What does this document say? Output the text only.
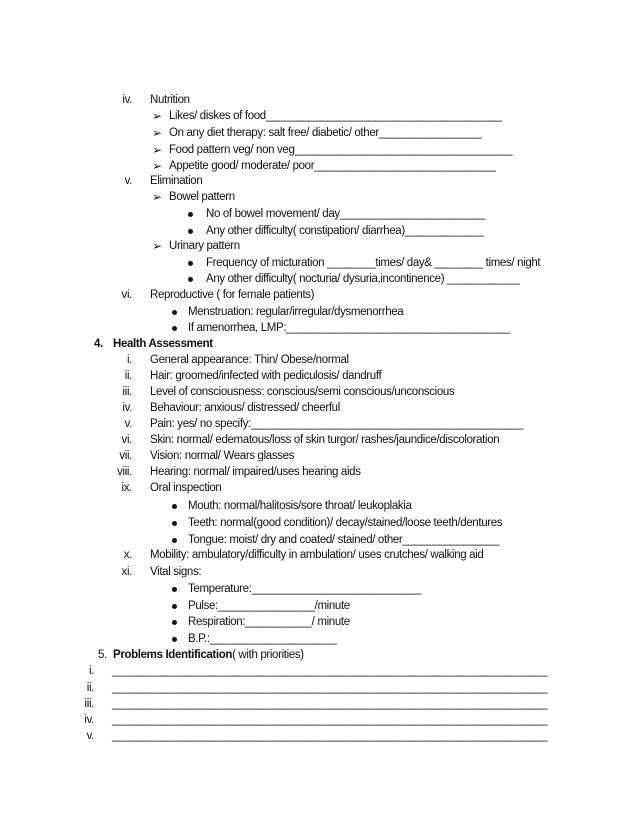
iv. Nutrition
➢ Likes/ diskes of food_______________________________________
➢ On any diet therapy: salt free/ diabetic/ other_________________
➢ Food pattern veg/ non veg____________________________________
➢ Appetite good/ moderate/ poor______________________________
v. Elimination
➢ Bowel pattern
No of bowel movement/ day________________________
Any other difficulty( constipation/ diarrhea)_____________
➢ Urinary pattern
Frequency of micturation ________times/ day& ________ times/ night
Any other difficulty( nocturia/ dysuria,incontinence) ____________
vi. Reproductive ( for female patients)
Menstruation: regular/irregular/dysmenorrhea
If amenorrhea, LMP:_____________________________________
4. Health Assessment
i. General appearance: Thin/ Obese/normal
ii. Hair: groomed/infected with pediculosis/ dandruff
iii. Level of consciousness: conscious/semi conscious/unconscious
iv. Behaviour: anxious/ distressed/ cheerful
v. Pain: yes/ no specify:_____________________________________________
vi. Skin: normal/ edematous/loss of skin turgor/ rashes/jaundice/discoloration
vii. Vision: normal/ Wears glasses
viii. Hearing: normal/ impaired/uses hearing aids
ix. Oral inspection
Mouth: normal/halitosis/sore throat/ leukoplakia
Teeth: normal(good condition)/ decay/stained/loose teeth/dentures
Tongue: moist/ dry and coated/ stained/ other________________
x. Mobility: ambulatory/difficulty in ambulation/ uses crutches/ walking aid
xi. Vital signs:
Temperature:____________________________
Pulse:________________/minute
Respiration:___________/ minute
B.P.:_____________________
5. Problems Identification( with priorities)
i. ________________________________________________________________________
ii. ________________________________________________________________________
iii. ________________________________________________________________________
iv. ________________________________________________________________________
v. ________________________________________________________________________
